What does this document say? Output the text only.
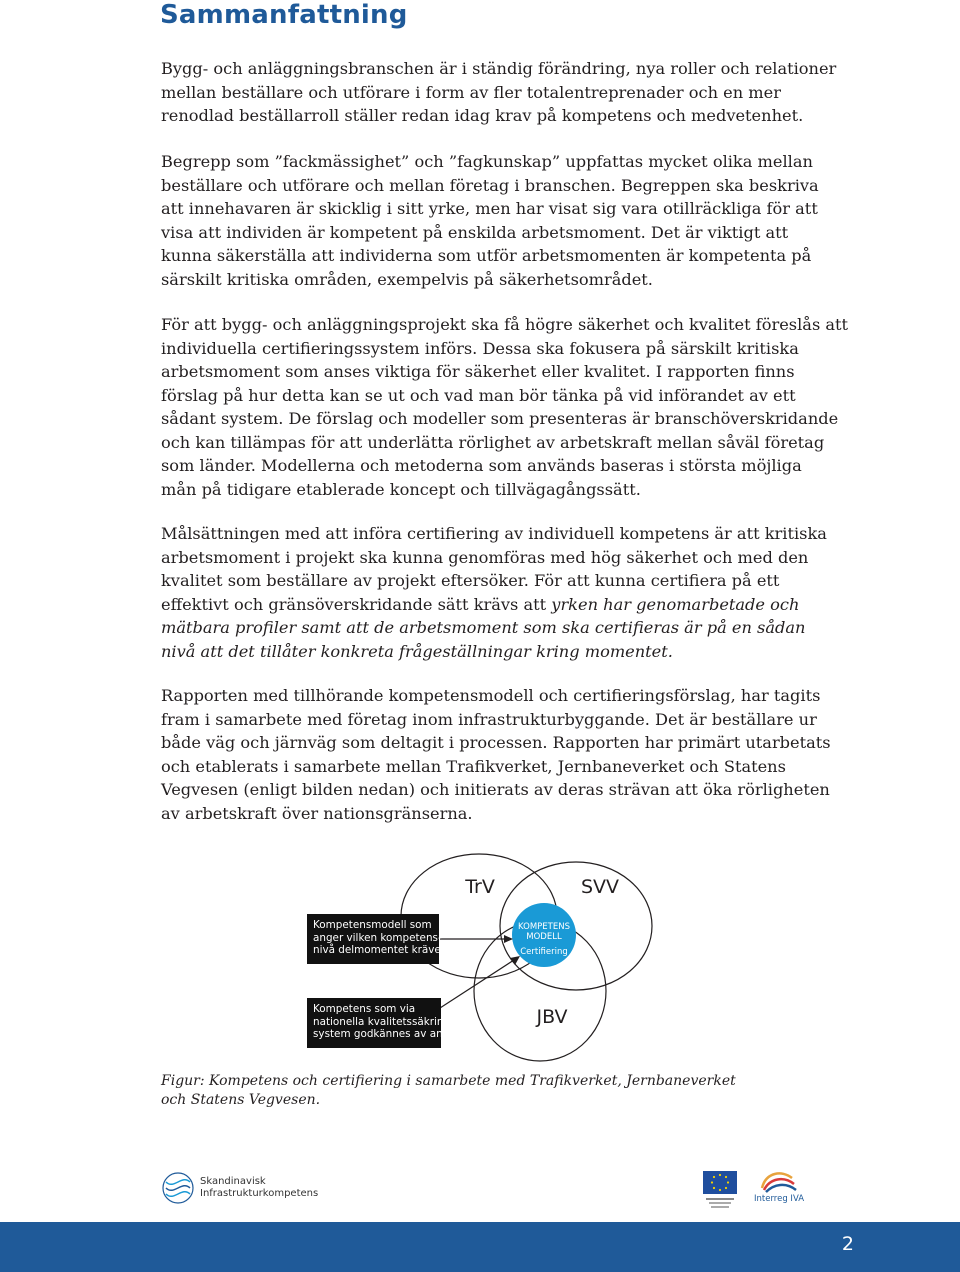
Sammanfattning
Bygg- och anläggningsbranschen är i ständig förändring, nya roller och relationer
mellan beställare och utförare i form av fler totalentreprenader och en mer
renodlad beställarroll ställer redan idag krav på kompetens och medvetenhet.
Begrepp som ”fackmässighet” och ”fagkunskap” uppfattas mycket olika mellan
beställare och utförare och mellan företag i branschen. Begreppen ska beskriva
att innehavaren är skicklig i sitt yrke, men har visat sig vara otillräckliga för att
visa att individen är kompetent på enskilda arbetsmoment. Det är viktigt att
kunna säkerställa att individerna som utför arbetsmomenten är kompetenta på
särskilt kritiska områden, exempelvis på säkerhetsområdet.
För att bygg- och anläggningsprojekt ska få högre säkerhet och kvalitet föreslås att
individuella certifieringssystem införs. Dessa ska fokusera på särskilt kritiska
arbetsmoment som anses viktiga för säkerhet eller kvalitet. I rapporten finns
förslag på hur detta kan se ut och vad man bör tänka på vid införandet av ett
sådant system. De förslag och modeller som presenteras är branschöverskridande
och kan tillämpas för att underlätta rörlighet av arbetskraft mellan såväl företag
som länder. Modellerna och metoderna som används baseras i största möjliga
mån på tidigare etablerade koncept och tillvägagångssätt.
Målsättningen med att införa certifiering av individuell kompetens är att kritiska
arbetsmoment i projekt ska kunna genomföras med hög säkerhet och med den
kvalitet som beställare av projekt eftersöker. För att kunna certifiera på ett
effektivt och gränsöverskridande sätt krävs att yrken har genomarbetade och
mätbara profiler samt att de arbetsmoment som ska certifieras är på en sådan
nivå att det tillåter konkreta frågeställningar kring momentet.
Rapporten med tillhörande kompetensmodell och certifieringsförslag, har tagits
fram i samarbete med företag inom infrastrukturbyggande. Det är beställare ur
både väg och järnväg som deltagit i processen. Rapporten har primärt utarbetats
och etablerats i samarbete mellan Trafikverket, Jernbaneverket och Statens
Vegvesen (enligt bilden nedan) och initierats av deras strävan att öka rörligheten
av arbetskraft över nationsgränserna.
TrV	SVV
JBV
KOMPETENS
MODELL
Certifiering
Kompetensmodell som
anger vilken kompetens-
nivå delmomentet kräver.
Kompetens som via
nationella kvalitetssäkrings
system godkännes av andra.
Figur: Kompetens och certifiering i samarbete med Trafikverket, Jernbaneverket
och Statens Vegvesen.
Skandinavisk
Infrastrukturkompetens	Interreg IVA
2
